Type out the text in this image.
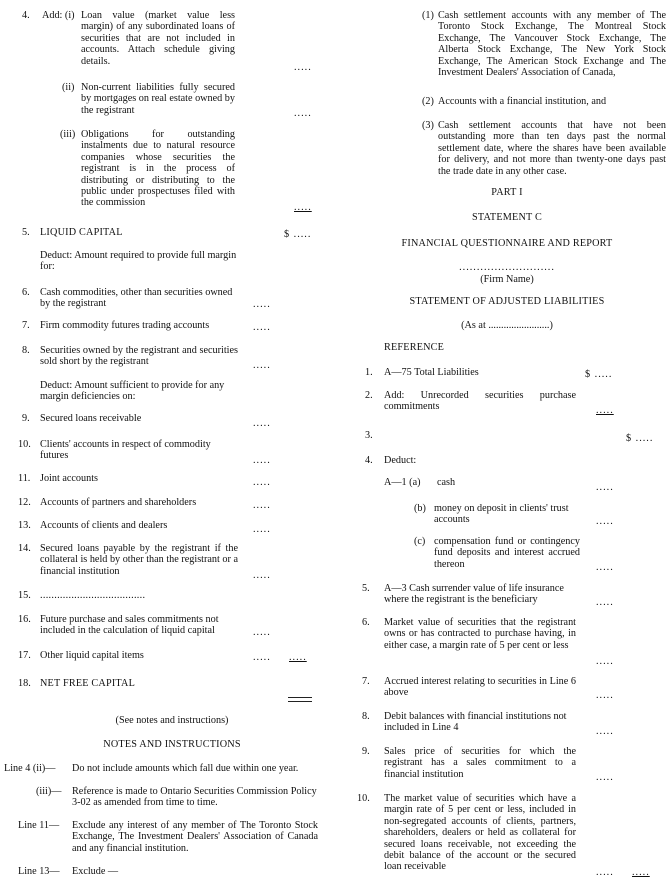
4. Add: (i) Loan value (market value less margin) of any subordinated loans of securities that are not included in accounts. Attach schedule giving details.
.....
(ii) Non-current liabilities fully secured by mortgages on real estate owned by the registrant	.....
(iii) Obligations for outstanding instalments due to natural resource companies whose securities the registrant is in the process of distributing or distributing to the public under prospectuses filed with the commission	.....
5. LIQUID CAPITAL	$ .....
Deduct: Amount required to provide full margin for:
6. Cash commodities, other than securities owned by the registrant	.....
7. Firm commodity futures trading accounts	.....
8. Securities owned by the registrant and securities sold short by the registrant	.....
Deduct: Amount sufficient to provide for any margin deficiencies on:
9. Secured loans receivable	.....
10. Clients' accounts in respect of commodity futures	.....
11. Joint accounts	.....
12. Accounts of partners and shareholders	.....
13. Accounts of clients and dealers	.....
14. Secured loans payable by the registrant if the collateral is held by other than the registrant or a financial institution	.....
15. .....................................
16. Future purchase and sales commitments not included in the calculation of liquid capital	.....
17. Other liquid capital items	..... .....
18. NET FREE CAPITAL
(See notes and instructions)
NOTES AND INSTRUCTIONS
Line 4 (ii)— Do not include amounts which fall due within one year.
(iii)— Reference is made to Ontario Securities Commission Policy 3-02 as amended from time to time.
Line 11— Exclude any interest of any member of The Toronto Stock Exchange, The Investment Dealers' Association of Canada and any financial institution.
Line 13— Exclude —
(1) Cash settlement accounts with any member of The Toronto Stock Exchange, The Montreal Stock Exchange, The Vancouver Stock Exchange, The Alberta Stock Exchange, The New York Stock Exchange, The American Stock Exchange and The Investment Dealers' Association of Canada,
(2) Accounts with a financial institution, and
(3) Cash settlement accounts that have not been outstanding more than ten days past the normal settlement date, where the shares have been available for delivery, and not more than twenty-one days past the trade date in any other case.
PART I
STATEMENT C
FINANCIAL QUESTIONNAIRE AND REPORT
...........................
(Firm Name)
STATEMENT OF ADJUSTED LIABILITIES
(As at ........................)
REFERENCE
1. A—75 Total Liabilities	$ .....
2. Add: Unrecorded securities purchase commitments	.....
3.	$ .....
4. Deduct:
A—1 (a) cash	.....
(b) money on deposit in clients' trust accounts	.....
(c) compensation fund or contingency fund deposits and interest accrued thereon	.....
5. A—3 Cash surrender value of life insurance where the registrant is the beneficiary	.....
6. Market value of securities that the registrant owns or has contracted to purchase having, in either case, a margin rate of 5 per cent or less
.....
7. Accrued interest relating to securities in Line 6 above	.....
8. Debit balances with financial institutions not included in Line 4	.....
9. Sales price of securities for which the registrant has a sales commitment to a financial institution	.....
10. The market value of securities which have a margin rate of 5 per cent or less, included in non-segregated accounts of clients, partners, shareholders, dealers or held as collateral for secured loans receivable, not exceeding the debit balance of the account or the secured loan receivable
..... .....
